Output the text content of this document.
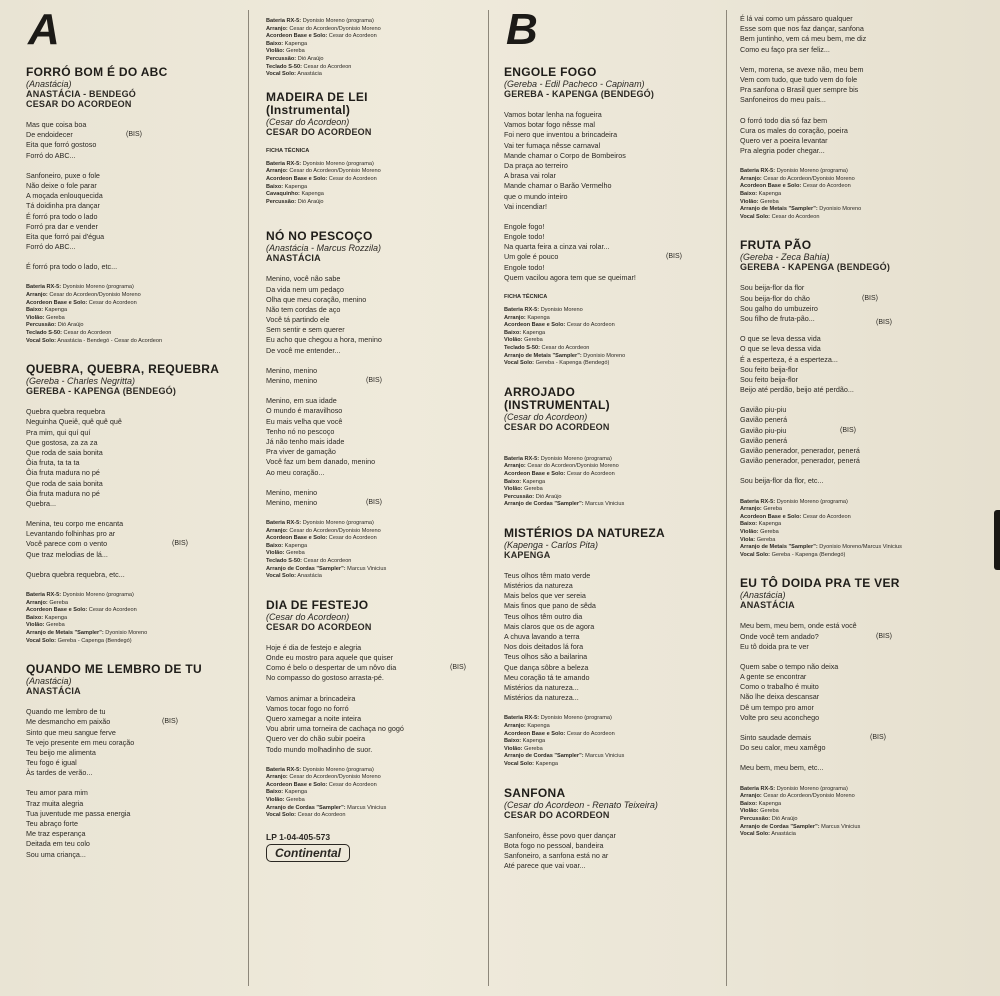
A
FORRÓ BOM É DO ABC
(Anastácia)
ANASTÁCIA - BENDEGÓ
CESAR DO ACORDEON
Mas que coisa boa
De endoidecer	(BIS)
Eita que forró gostoso
Forró do ABC...
Sanfoneiro, puxe o fole
Não deixe o fole parar
A moçada enlouquecida
Tá doidinha pra dançar
É forró pra todo o lado
Forró pra dar e vender
Eita que forró pai d'égua
Forró do ABC...
É forró pra todo o lado, etc...
Bateria RX-5: Dyonisio Moreno (programa)
Arranjo: Cesar do Acordeon/Dyonisio Moreno
Acordeon Base e Solo: Cesar do Acordeon
Baixo: Kapenga
Violão: Gereba
Percussão: Dió Araújo
Teclado S-50: Cesar do Acordeon
Vocal Solo: Anastácia - Bendegó - Cesar do Acordeon
QUEBRA, QUEBRA, REQUEBRA
(Gereba - Charles Negritta)
GEREBA - KAPENGA (BENDEGÓ)
Quebra quebra requebra
Neguinha Queiê, quê quê quê
Pra mim, qui quí quí
Que gostosa, za za za
Que roda de saia bonita
Ôia fruta, ta ta ta
Ôia fruta madura no pé
Que roda de saia bonita
Ôia fruta madura no pé
Quebra...
Menina, teu corpo me encanta
Levantando folhinhas pro ar
Você parece com o vento	(BIS)
Que traz melodias de lá...
Quebra quebra requebra, etc...
Bateria RX-5: Dyonisio Moreno (programa)
Arranjo: Gereba
Acordeon Base e Solo: Cesar do Acordeon
Baixo: Kapenga
Violão: Gereba
Arranjo de Metais "Sampler": Dyonisio Moreno
Vocal Solo: Gereba - Capenga (Bendegó)
QUANDO ME LEMBRO DE TU
(Anastácia)
ANASTÁCIA
Quando me lembro de tu
Me desmancho em paixão	(BIS)
Sinto que meu sangue ferve
Te vejo presente em meu coração
Teu beijo me alimenta
Teu fogo é igual
Às tardes de verão...
Teu amor para mim
Traz muita alegria
Tua juventude me passa energia
Teu abraço forte
Me traz esperança
Deitada em teu colo
Sou uma criança...
Bateria RX-5: Dyonisio Moreno (programa)
Arranjo: Cesar do Acordeon/Dyonisio Moreno
Acordeon Base e Solo: Cesar do Acordeon
Baixo: Kapenga
Violão: Gereba
Percussão: Dió Araújo
Teclado S-50: Cesar do Acordeon
Vocal Solo: Anastácia
MADEIRA DE LEI
(Instrumental)
(Cesar do Acordeon)
CESAR DO ACORDEON
FICHA TÉCNICA
Bateria RX-5: Dyonisio Moreno (programa)
Arranjo: Cesar do Acordeon/Dyonisio Moreno
Acordeon Base e Solo: Cesar do Acordeon
Baixo: Kapenga
Cavaquinho: Kapenga
Percussão: Dió Araújo
NÓ NO PESCOÇO
(Anastácia - Marcus Rozzila)
ANASTÁCIA
Menino, você não sabe
Da vida nem um pedaço
Olha que meu coração, menino
Não tem cordas de aço
Você tá partindo ele
Sem sentir e sem querer
Eu acho que chegou a hora, menino
De você me entender...
Menino, menino
Menino, menino	(BIS)
Menino, em sua idade
O mundo é maravilhoso
Eu mais velha que você
Tenho nó no pescoço
Já não tenho mais idade
Pra viver de gamação
Você faz um bem danado, menino
Ao meu coração...
Menino, menino
Menino, menino	(BIS)
Bateria RX-5: Dyonisio Moreno (programa)
Arranjo: Cesar do Acordeon/Dyonisio Moreno
Acordeon Base e Solo: Cesar do Acordeon
Baixo: Kapenga
Violão: Gereba
Teclado S-50: Cesar do Acordeon
Arranjo de Cordas "Sampler": Marcus Vinicius
Vocal Solo: Anastácia
DIA DE FESTEJO
(Cesar do Acordeon)
CESAR DO ACORDEON
Hoje é dia de festejo e alegria
Onde eu mostro para aquele que quiser
Como é belo o despertar de um nôvo dia	(BIS)
No compasso do gostoso arrasta-pé.
Vamos animar a brincadeira
Vamos tocar fogo no forró
Quero xamegar a noite inteira
Vou abrir uma torneira de cachaça no gogó
Quero ver do chão subir poeira
Todo mundo molhadinho de suor.
Bateria RX-5: Dyonisio Moreno (programa)
Arranjo: Cesar do Acordeon/Dyonisio Moreno
Acordeon Base e Solo: Cesar do Acordeon
Baixo: Kapenga
Violão: Gereba
Arranjo de Cordas "Sampler": Marcus Vinicius
Vocal Solo: Cesar do Acordeon
LP 1-04-405-573
Continental
B
ENGOLE FOGO
(Gereba - Edil Pacheco - Capinam)
GEREBA - KAPENGA (BENDEGÓ)
Vamos botar lenha na fogueira
Vamos botar fogo nêsse mal
Foi nero que inventou a brincadeira
Vai ter fumaça nêsse carnaval
Mande chamar o Corpo de Bombeiros
Da praça ao terreiro
A brasa vai rolar
Mande chamar o Barão Vermelho
que o mundo inteiro
Vai incendiar!
Engole fogo!
Engole todo!
Na quarta feira a cinza vai rolar...
Um gole é pouco	(BIS)
Engole todo!
Quem vacilou agora tem que se queimar!
FICHA TÉCNICA
Bateria RX-5: Dyonisio Moreno
Arranjo: Kapenga
Acordeon Base e Solo: Cesar do Acordeon
Baixo: Kapenga
Violão: Gereba
Teclado S-50: Cesar do Acordeon
Arranjo de Metais "Sampler": Dyonisio Moreno
Vocal Solo: Gereba - Kapenga (Bendegó)
ARROJADO
(INSTRUMENTAL)
(Cesar do Acordeon)
CESAR DO ACORDEON
Bateria RX-5: Dyonisio Moreno (programa)
Arranjo: Cesar do Acordeon/Dyonisio Moreno
Acordeon Base e Solo: Cesar do Acordeon
Baixo: Kapenga
Violão: Gereba
Percussão: Dió Araújo
Arranjo de Cordas "Sampler": Marcus Vinicius
MISTÉRIOS DA NATUREZA
(Kapenga - Carlos Pita)
KAPENGA
Teus olhos têm mato verde
Mistérios da natureza
Mais belos que ver sereia
Mais finos que pano de sêda
Teus olhos têm outro dia
Mais claros que os de agora
A chuva lavando a terra
Nos dois deitados lá fora
Teus olhos são a bailarina
Que dança sôbre a beleza
Meu coração tá te amando
Mistérios da natureza...
Mistérios da natureza...
Bateria RX-5: Dyonisio Moreno (programa)
Arranjo: Kapenga
Acordeon Base e Solo: Cesar do Acordeon
Baixo: Kapenga
Violão: Gereba
Arranjo de Cordas "Sampler": Marcus Vinicius
Vocal Solo: Kapenga
SANFONA
(Cesar do Acordeon - Renato Teixeira)
CESAR DO ACORDEON
Sanfoneiro, êsse povo quer dançar
Bota fogo no pessoal, bandeira
Sanfoneiro, a sanfona está no ar
Até parece que vai voar...
É lá vai como um pássaro qualquer
Esse som que nos faz dançar, sanfona
Bem juntinho, vem cá meu bem, me diz
Como eu faço pra ser feliz...
Vem, morena, se avexe não, meu bem
Vem com tudo, que tudo vem do fole
Pra sanfona o Brasil quer sempre bis
Sanfoneiros do meu país...
O forró todo dia só faz bem
Cura os males do coração, poeira
Quero ver a poeira levantar
Pra alegria poder chegar...
Bateria RX-5: Dyonisio Moreno (programa)
Arranjo: Cesar do Acordeon/Dyonisio Moreno
Acordeon Base e Solo: Cesar do Acordeon
Baixo: Kapenga
Violão: Gereba
Arranjo de Metais "Sampler": Dyonisio Moreno
Vocal Solo: Cesar do Acordeon
FRUTA PÃO
(Gereba - Zeca Bahia)
GEREBA - KAPENGA (BENDEGÓ)
Sou beija-flor da flor
Sou beija-flor do chão	(BIS)
Sou galho do umbuzeiro
Sou filho de fruta-pão...	(BIS)
O que se leva dessa vida
O que se leva dessa vida
É a esperteza, é a esperteza...
Sou feito beija-flor
Sou feito beija-flor
Beijo até perdão, beijo até perdão...
Gavião piu-piu
Gavião penerá
Gavião piu-piu	(BIS)
Gavião penerá
Gavião penerador, penerador, penerá
Gavião penerador, penerador, penerá
Sou beija-flor da flor, etc...
Bateria RX-5: Dyonisio Moreno (programa)
Arranjo: Gereba
Acordeon Base e Solo: Cesar do Acordeon
Baixo: Kapenga
Violão: Gereba
Viola: Gereba
Arranjo de Metais "Sampler": Dyonisio Moreno/Marcus Vinicius
Vocal Solo: Gereba - Kapenga (Bendegó)
EU TÔ DOIDA PRA TE VER
(Anastácia)
ANASTÁCIA
Meu bem, meu bem, onde está você
Onde você tem andado?	(BIS)
Eu tô doida pra te ver
Quem sabe o tempo não deixa
A gente se encontrar
Como o trabalho é muito
Não lhe deixa descansar
Dê um tempo pro amor
Volte pro seu aconchego
Sinto saudade demais	(BIS)
Do seu calor, meu xamêgo
Meu bem, meu bem, etc...
Bateria RX-5: Dyonisio Moreno (programa)
Arranjo: Cesar do Acordeon/Dyonisio Moreno
Baixo: Kapenga
Violão: Gereba
Percussão: Dió Araújo
Arranjo de Cordas "Sampler": Marcus Vinicius
Vocal Solo: Anastácia
